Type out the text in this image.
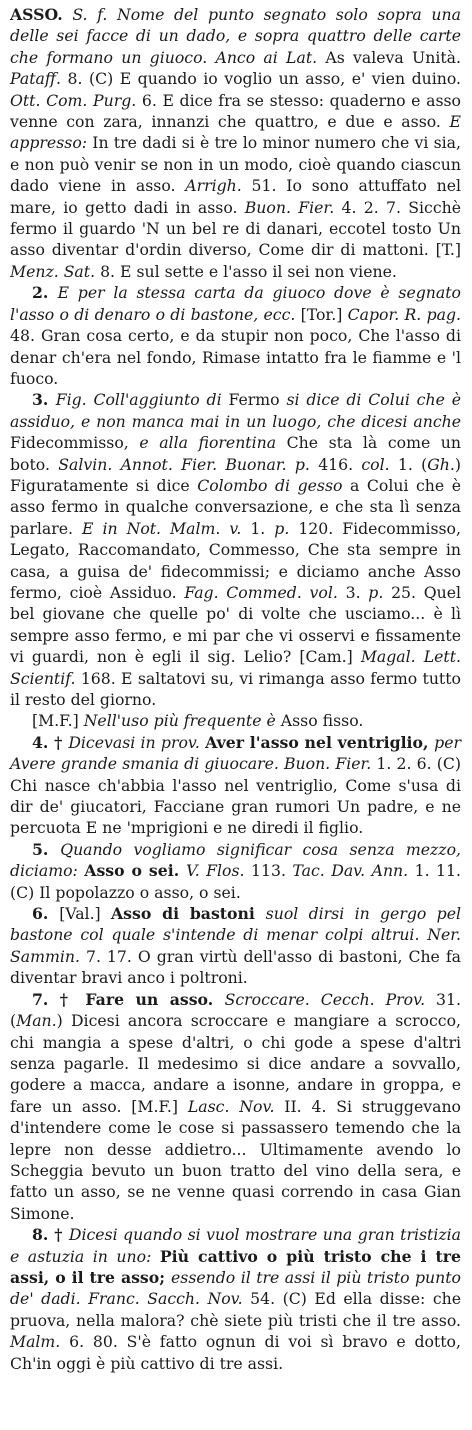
ASSO. S. f. Nome del punto segnato solo sopra una delle sei facce di un dado, e sopra quattro delle carte che formano un giuoco. Anco ai Lat. As valeva Unità. Pataff. 8. (C) E quando io voglio un asso, e' vien duino. Ott. Com. Purg. 6. E dice fra se stesso: quaderno e asso venne con zara, innanzi che quattro, e due e asso. E appresso: In tre dadi si è tre lo minor numero che vi sia, e non può venir se non in un modo, cioè quando ciascun dado viene in asso. Arrigh. 51. Io sono attuffato nel mare, io getto dadi in asso. Buon. Fier. 4. 2. 7. Sicchè fermo il guardo 'N un bel re di danari, eccotel tosto Un asso diventar d'ordin diverso, Come dir di mattoni. [T.] Menz. Sat. 8. E sul sette e l'asso il sei non viene.

2. E per la stessa carta da giuoco dove è segnato l'asso o di denaro o di bastone, ecc. [Tor.] Capor. R. pag. 48. Gran cosa certo, e da stupir non poco, Che l'asso di denar ch'era nel fondo, Rimase intatto fra le fiamme e 'l fuoco.

3. Fig. Coll'aggiunto di Fermo si dice di Colui che è assiduo, e non manca mai in un luogo, che dicesi anche Fidecommisso, e alla fiorentina Che sta là come un boto. Salvin. Annot. Fier. Buonar. p. 416. col. 1. (Gh.) Figuratamente si dice Colombo di gesso a Colui che è asso fermo in qualche conversazione, e che sta lì senza parlare. E in Not. Malm. v. 1. p. 120. Fidecommisso, Legato, Raccomandato, Commesso, Che sta sempre in casa, a guisa de' fidecommissi; e diciamo anche Asso fermo, cioè Assiduo. Fag. Commed. vol. 3. p. 25. Quel bel giovane che quelle po' di volte che usciamo... è lì sempre asso fermo, e mi par che vi osservi e fissamente vi guardi, non è egli il sig. Lelio? [Cam.] Magal. Lett. Scientif. 168. E saltatovi su, vi rimanga asso fermo tutto il resto del giorno.

[M.F.] Nell'uso più frequente è Asso fisso.

4. † Dicevasi in prov. Aver l'asso nel ventriglio, per Avere grande smania di giuocare. Buon. Fier. 1. 2. 6. (C) Chi nasce ch'abbia l'asso nel ventriglio, Come s'usa di dir de' giucatori, Facciane gran rumori Un padre, e ne percuota E ne 'mprigioni e ne diredi il figlio.

5. Quando vogliamo significar cosa senza mezzo, diciamo: Asso o sei. V. Flos. 113. Tac. Dav. Ann. 1. 11. (C) Il popolazzo o asso, o sei.

6. [Val.] Asso di bastoni suol dirsi in gergo pel bastone col quale s'intende di menar colpi altrui. Ner. Sammin. 7. 17. O gran virtù dell'asso di bastoni, Che fa diventar bravi anco i poltroni.

7. † Fare un asso. Scroccare. Cecch. Prov. 31. (Man.) Dicesi ancora scroccare e mangiare a scrocco, chi mangia a spese d'altri, o chi gode a spese d'altri senza pagarle. Il medesimo si dice andare a sovvallo, godere a macca, andare a isonne, andare in groppa, e fare un asso. [M.F.] Lasc. Nov. II. 4. Si struggevano d'intendere come le cose si passassero temendo che la lepre non desse addietro... Ultimamente avendo lo Scheggia bevuto un buon tratto del vino della sera, e fatto un asso, se ne venne quasi correndo in casa Gian Simone.

8. † Dicesi quando si vuol mostrare una gran tristizia e astuzia in uno: Più cattivo o più tristo che i tre assi, o il tre asso; essendo il tre assi il più tristo punto de' dadi. Franc. Sacch. Nov. 54. (C) Ed ella disse: che pruova, nella malora? chè siete più tristi che il tre asso. Malm. 6. 80. S'è fatto ognun di voi sì bravo e dotto, Ch'in oggi è più cattivo di tre assi.
